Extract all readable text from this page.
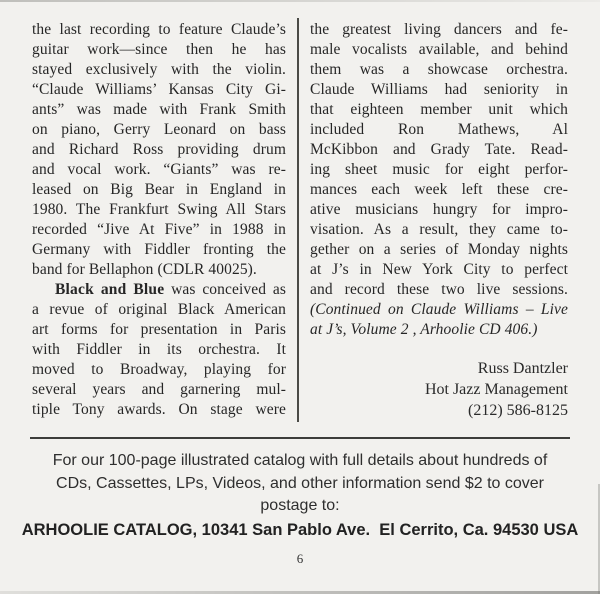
the last recording to feature Claude’s
guitar work—since then he has
stayed exclusively with the violin.
“Claude Williams’ Kansas City Gi-
ants” was made with Frank Smith
on piano, Gerry Leonard on bass
and Richard Ross providing drum
and vocal work. “Giants” was re-
leased on Big Bear in England in
1980. The Frankfurt Swing All Stars
recorded “Jive At Five” in 1988 in
Germany with Fiddler fronting the
band for Bellaphon (CDLR 40025).
Black and Blue was conceived as
a revue of original Black American
art forms for presentation in Paris
with Fiddler in its orchestra. It
moved to Broadway, playing for
several years and garnering mul-
tiple Tony awards. On stage were
the greatest living dancers and fe-
male vocalists available, and behind
them was a showcase orchestra.
Claude Williams had seniority in
that eighteen member unit which
included Ron Mathews, Al
McKibbon and Grady Tate. Read-
ing sheet music for eight perfor-
mances each week left these cre-
ative musicians hungry for impro-
visation. As a result, they came to-
gether on a series of Monday nights
at J’s in New York City to perfect
and record these two live sessions.
(Continued on Claude Williams – Live
at J’s, Volume 2 , Arhoolie CD 406.)
Russ Dantzler
Hot Jazz Management
(212) 586-8125
For our 100-page illustrated catalog with full details about hundreds of
CDs, Cassettes, LPs, Videos, and other information send $2 to cover
postage to:
ARHOOLIE CATALOG, 10341 San Pablo Ave.  El Cerrito, Ca. 94530 USA
6
